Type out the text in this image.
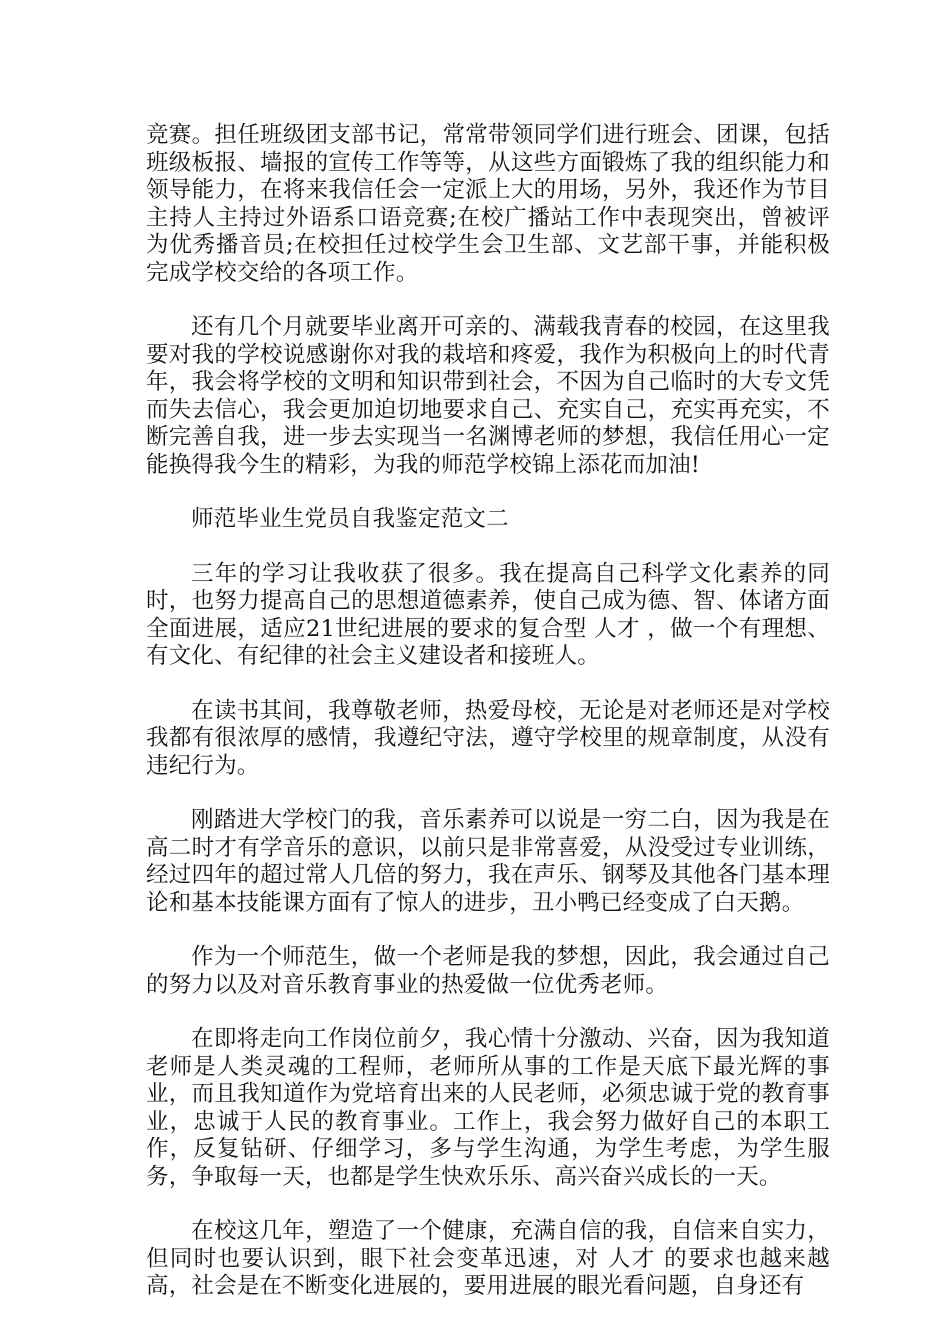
竞赛。担任班级团支部书记，常常带领同学们进行班会、团课，包括班级板报、墙报的宣传工作等等，从这些方面锻炼了我的组织能力和领导能力，在将来我信任会一定派上大的用场，另外，我还作为节目主持人主持过外语系口语竞赛;在校广播站工作中表现突出，曾被评为优秀播音员;在校担任过校学生会卫生部、文艺部干事，并能积极完成学校交给的各项工作。

还有几个月就要毕业离开可亲的、满载我青春的校园，在这里我要对我的学校说感谢你对我的栽培和疼爱，我作为积极向上的时代青年，我会将学校的文明和知识带到社会，不因为自己临时的大专文凭而失去信心，我会更加迫切地要求自己、充实自己，充实再充实，不断完善自我，进一步去实现当一名渊博老师的梦想，我信任用心一定能换得我今生的精彩，为我的师范学校锦上添花而加油!

师范毕业生党员自我鉴定范文二

三年的学习让我收获了很多。我在提高自己科学文化素养的同时，也努力提高自己的思想道德素养，使自己成为德、智、体诸方面全面进展，适应21世纪进展的要求的复合型 人才 ，做一个有理想、有文化、有纪律的社会主义建设者和接班人。

在读书其间，我尊敬老师，热爱母校，无论是对老师还是对学校我都有很浓厚的感情，我遵纪守法，遵守学校里的规章制度，从没有违纪行为。

刚踏进大学校门的我，音乐素养可以说是一穷二白，因为我是在高二时才有学音乐的意识，以前只是非常喜爱，从没受过专业训练，经过四年的超过常人几倍的努力，我在声乐、钢琴及其他各门基本理论和基本技能课方面有了惊人的进步，丑小鸭已经变成了白天鹅。

作为一个师范生，做一个老师是我的梦想，因此，我会通过自己的努力以及对音乐教育事业的热爱做一位优秀老师。

在即将走向工作岗位前夕，我心情十分激动、兴奋，因为我知道老师是人类灵魂的工程师，老师所从事的工作是天底下最光辉的事业，而且我知道作为党培育出来的人民老师，必须忠诚于党的教育事业，忠诚于人民的教育事业。工作上，我会努力做好自己的本职工作，反复钻研、仔细学习，多与学生沟通，为学生考虑，为学生服务，争取每一天，也都是学生快欢乐乐、高兴奋兴成长的一天。

在校这几年，塑造了一个健康，充满自信的我，自信来自实力，但同时也要认识到，眼下社会变革迅速，对 人才 的要求也越来越高，社会是在不断变化进展的，要用进展的眼光看问题，自身还有
